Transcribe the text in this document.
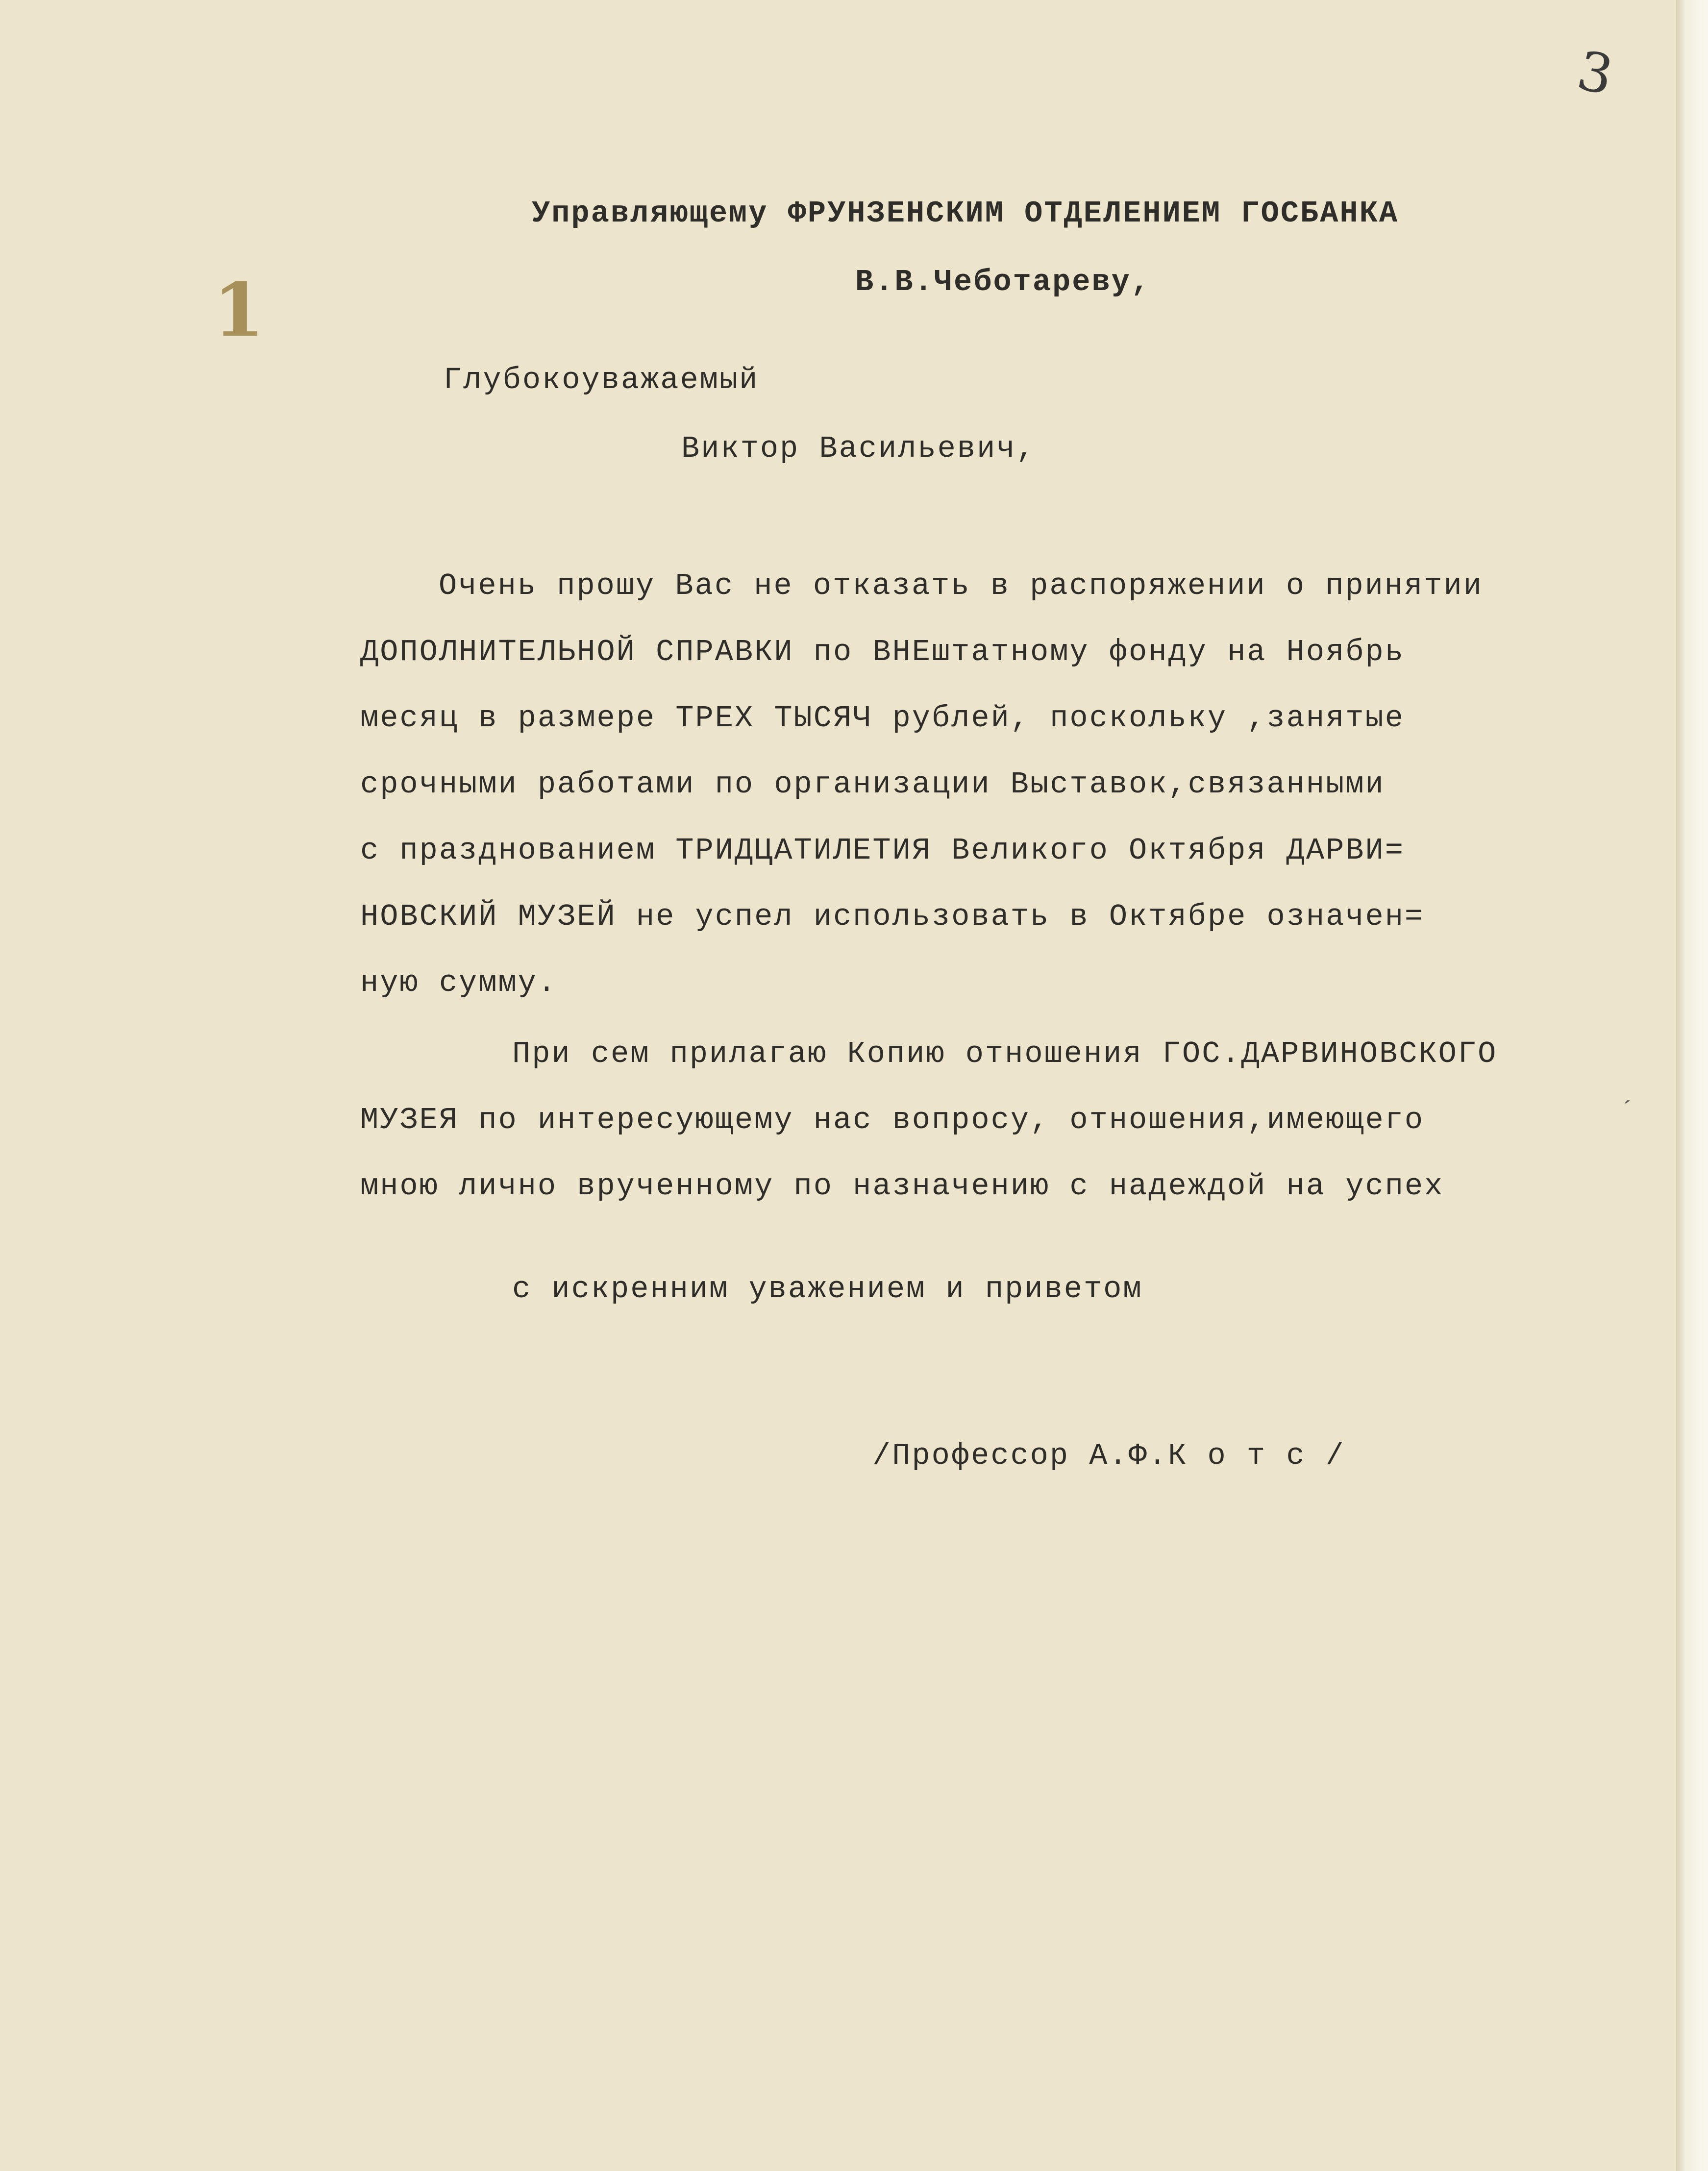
3
1
´
Управляющему ФРУНЗЕНСКИМ ОТДЕЛЕНИЕМ ГОСБАНКА
В.В.Чеботареву,
Глубокоуважаемый
Виктор Васильевич,
Очень прошу Вас не отказать в распоряжении о принятии
ДОПОЛНИТЕЛЬНОЙ СПРАВКИ по ВНЕштатному фонду на Ноябрь
месяц в размере ТРЕХ ТЫСЯЧ рублей, поскольку ,занятые
срочными работами по организации Выставок,связанными
с празднованием ТРИДЦАТИЛЕТИЯ Великого Октября ДАРВИ=
НОВСКИЙ МУЗЕЙ не успел использовать в Октябре означен=
ную сумму.
При сем прилагаю Копию отношения ГОС.ДАРВИНОВСКОГО
МУЗЕЯ по интересующему нас вопросу, отношения,имеющего
мною лично врученному по назначению с надеждой на успех
с искренним уважением и приветом
/Профессор А.Ф.К о т с /
